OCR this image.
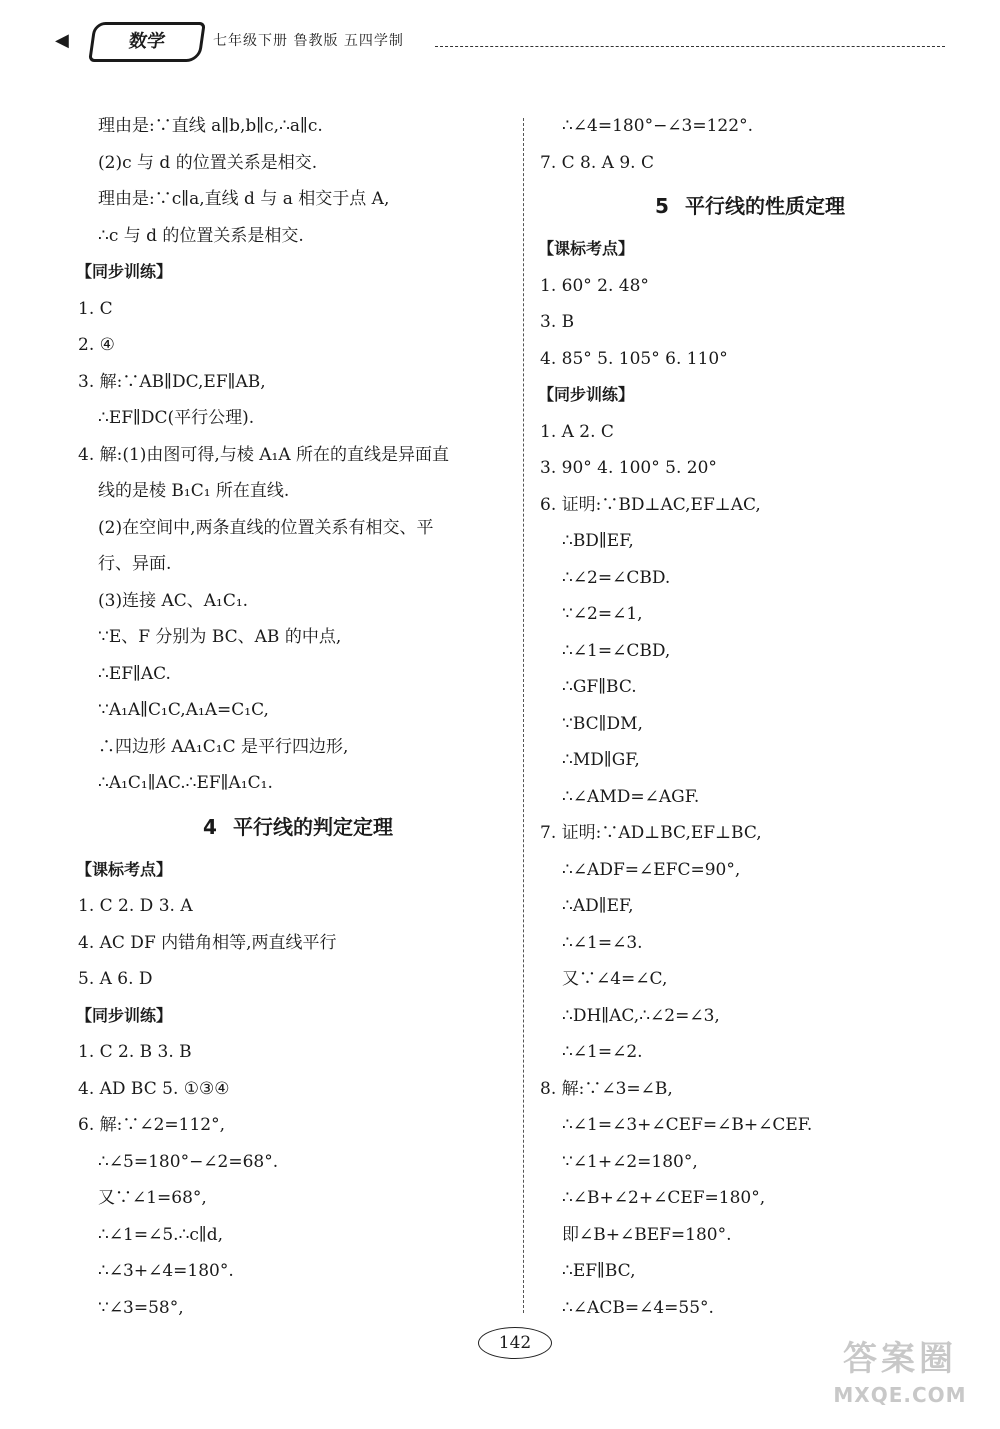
◀	数学	七年级下册 鲁教版 五四学制
理由是:∵直线 a∥b,b∥c,∴a∥c.
(2)c 与 d 的位置关系是相交.
理由是:∵c∥a,直线 d 与 a 相交于点 A,
∴c 与 d 的位置关系是相交.
【同步训练】
1. C
2. ④
3. 解:∵AB∥DC,EF∥AB,
∴EF∥DC(平行公理).
4. 解:(1)由图可得,与棱 A₁A 所在的直线是异面直
线的是棱 B₁C₁ 所在直线.
(2)在空间中,两条直线的位置关系有相交、平
行、异面.
(3)连接 AC、A₁C₁.
∵E、F 分别为 BC、AB 的中点,
∴EF∥AC.
∵A₁A∥C₁C,A₁A=C₁C,
∴四边形 AA₁C₁C 是平行四边形,
∴A₁C₁∥AC.∴EF∥A₁C₁.
4 平行线的判定定理
【课标考点】
1. C 2. D 3. A
4. AC DF 内错角相等,两直线平行
5. A 6. D
【同步训练】
1. C 2. B 3. B
4. AD BC 5. ①③④
6. 解:∵∠2=112°,
∴∠5=180°−∠2=68°.
又∵∠1=68°,
∴∠1=∠5.∴c∥d,
∴∠3+∠4=180°.
∵∠3=58°,
∴∠4=180°−∠3=122°.
7. C 8. A 9. C
5 平行线的性质定理
【课标考点】
1. 60° 2. 48°
3. B
4. 85° 5. 105° 6. 110°
【同步训练】
1. A 2. C
3. 90° 4. 100° 5. 20°
6. 证明:∵BD⊥AC,EF⊥AC,
∴BD∥EF,
∴∠2=∠CBD.
∵∠2=∠1,
∴∠1=∠CBD,
∴GF∥BC.
∵BC∥DM,
∴MD∥GF,
∴∠AMD=∠AGF.
7. 证明:∵AD⊥BC,EF⊥BC,
∴∠ADF=∠EFC=90°,
∴AD∥EF,
∴∠1=∠3.
又∵∠4=∠C,
∴DH∥AC,∴∠2=∠3,
∴∠1=∠2.
8. 解:∵∠3=∠B,
∴∠1=∠3+∠CEF=∠B+∠CEF.
∵∠1+∠2=180°,
∴∠B+∠2+∠CEF=180°,
即∠B+∠BEF=180°.
∴EF∥BC,
∴∠ACB=∠4=55°.
142	答案圈
MXQE.COM
